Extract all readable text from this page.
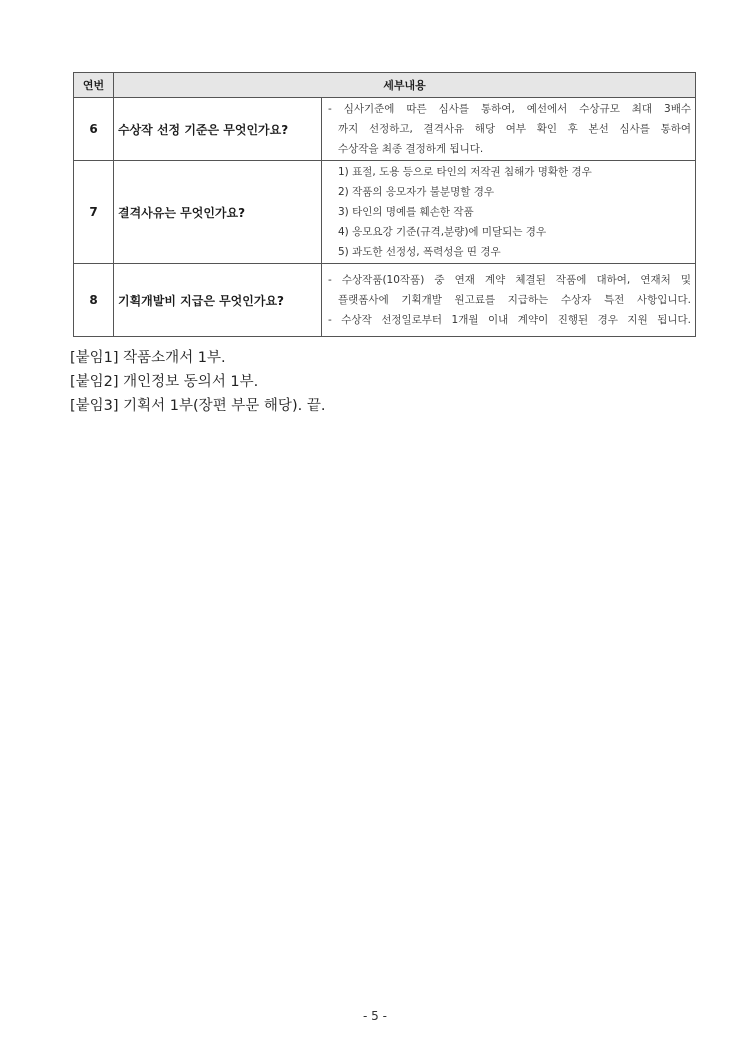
연번	세부내용	
6	수상작 선정 기준은 무엇인가요?	- 심사기준에 따른 심사를 통하여, 예선에서 수상규모 최대 3배수
까지 선정하고, 결격사유 해당 여부 확인 후 본선 심사를 통하여
수상작을 최종 결정하게 됩니다.

7	결격사유는 무엇인가요?	1) 표절, 도용 등으로 타인의 저작권 침해가 명확한 경우
2) 작품의 응모자가 불분명할 경우
3) 타인의 명예를 훼손한 작품
4) 응모요강 기준(규격,분량)에 미달되는 경우
5) 과도한 선정성, 폭력성을 띤 경우

8	기획개발비 지급은 무엇인가요?	- 수상작품(10작품) 중 연재 계약 체결된 작품에 대하여, 연재처 및
플랫폼사에 기획개발 원고료를 지급하는 수상자 특전 사항입니다.
- 수상작 선정일로부터 1개월 이내 계약이 진행된 경우 지원 됩니다.
[붙임1] 작품소개서 1부.
[붙임2] 개인정보 동의서 1부.
[붙임3] 기획서 1부(장편 부문 해당). 끝.
- 5 -
